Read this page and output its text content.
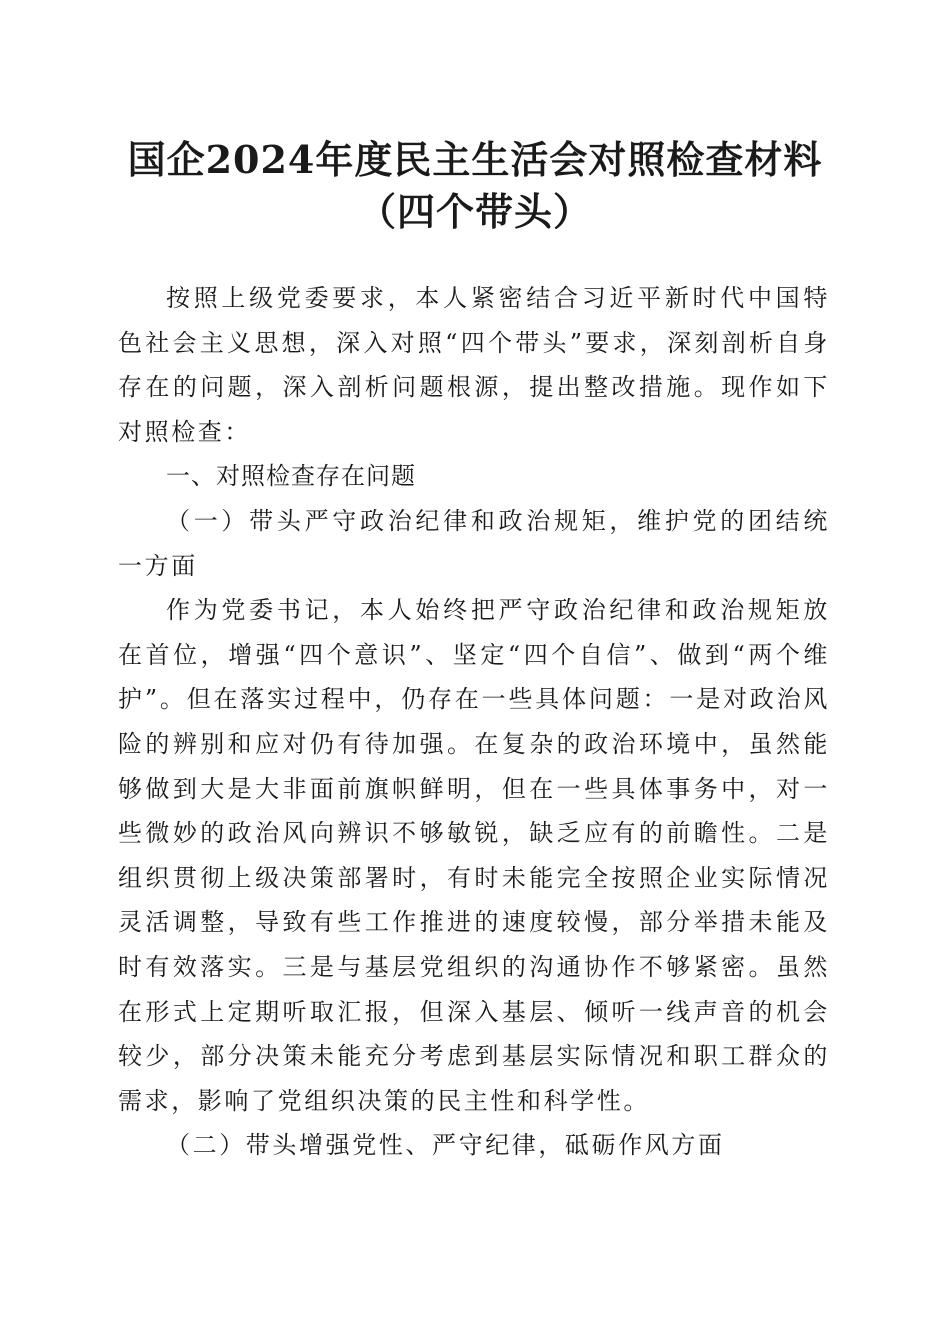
国企2024年度民主生活会对照检查材料（四个带头）

按照上级党委要求，本人紧密结合习近平新时代中国特色社会主义思想，深入对照“四个带头”要求，深刻剖析自身存在的问题，深入剖析问题根源，提出整改措施。现作如下对照检查：

一、对照检查存在问题

（一）带头严守政治纪律和政治规矩，维护党的团结统一方面

作为党委书记，本人始终把严守政治纪律和政治规矩放在首位，增强“四个意识”、坚定“四个自信”、做到“两个维护”。但在落实过程中，仍存在一些具体问题：一是对政治风险的辨别和应对仍有待加强。在复杂的政治环境中，虽然能够做到大是大非面前旗帜鲜明，但在一些具体事务中，对一些微妙的政治风向辨识不够敏锐，缺乏应有的前瞻性。二是组织贯彻上级决策部署时，有时未能完全按照企业实际情况灵活调整，导致有些工作推进的速度较慢，部分举措未能及时有效落实。三是与基层党组织的沟通协作不够紧密。虽然在形式上定期听取汇报，但深入基层、倾听一线声音的机会较少，部分决策未能充分考虑到基层实际情况和职工群众的需求，影响了党组织决策的民主性和科学性。

（二）带头增强党性、严守纪律，砥砺作风方面
